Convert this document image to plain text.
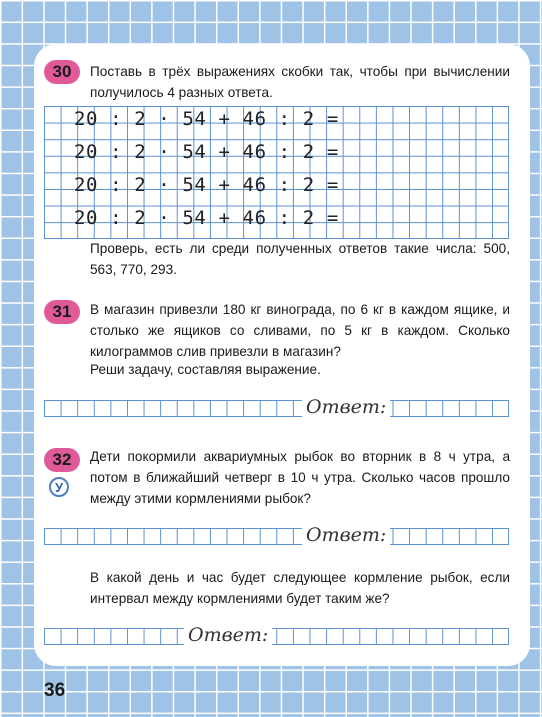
30	Поставь в трёх выражениях скобки так, чтобы при вычислении получилось 4 разных ответа.
20 : 2 · 54 + 46 : 2 =
20 : 2 · 54 + 46 : 2 =
20 : 2 · 54 + 46 : 2 =
20 : 2 · 54 + 46 : 2 =
Проверь, есть ли среди полученных ответов такие числа: 500, 563, 770, 293.
31	В магазин привезли 180 кг винограда, по 6 кг в каждом ящике, и столько же ящиков со сливами, по 5 кг в каждом. Сколько килограммов слив привезли в магазин?
Реши задачу, составляя выражение.
Ответ:
32
У
Дети покормили аквариумных рыбок во вторник в 8 ч утра, а потом в ближайший четверг в 10 ч утра. Сколько часов прошло между этими кормлениями рыбок?
Ответ:
В какой день и час будет следующее кормление рыбок, если интервал между кормлениями будет таким же?
Ответ:
36
